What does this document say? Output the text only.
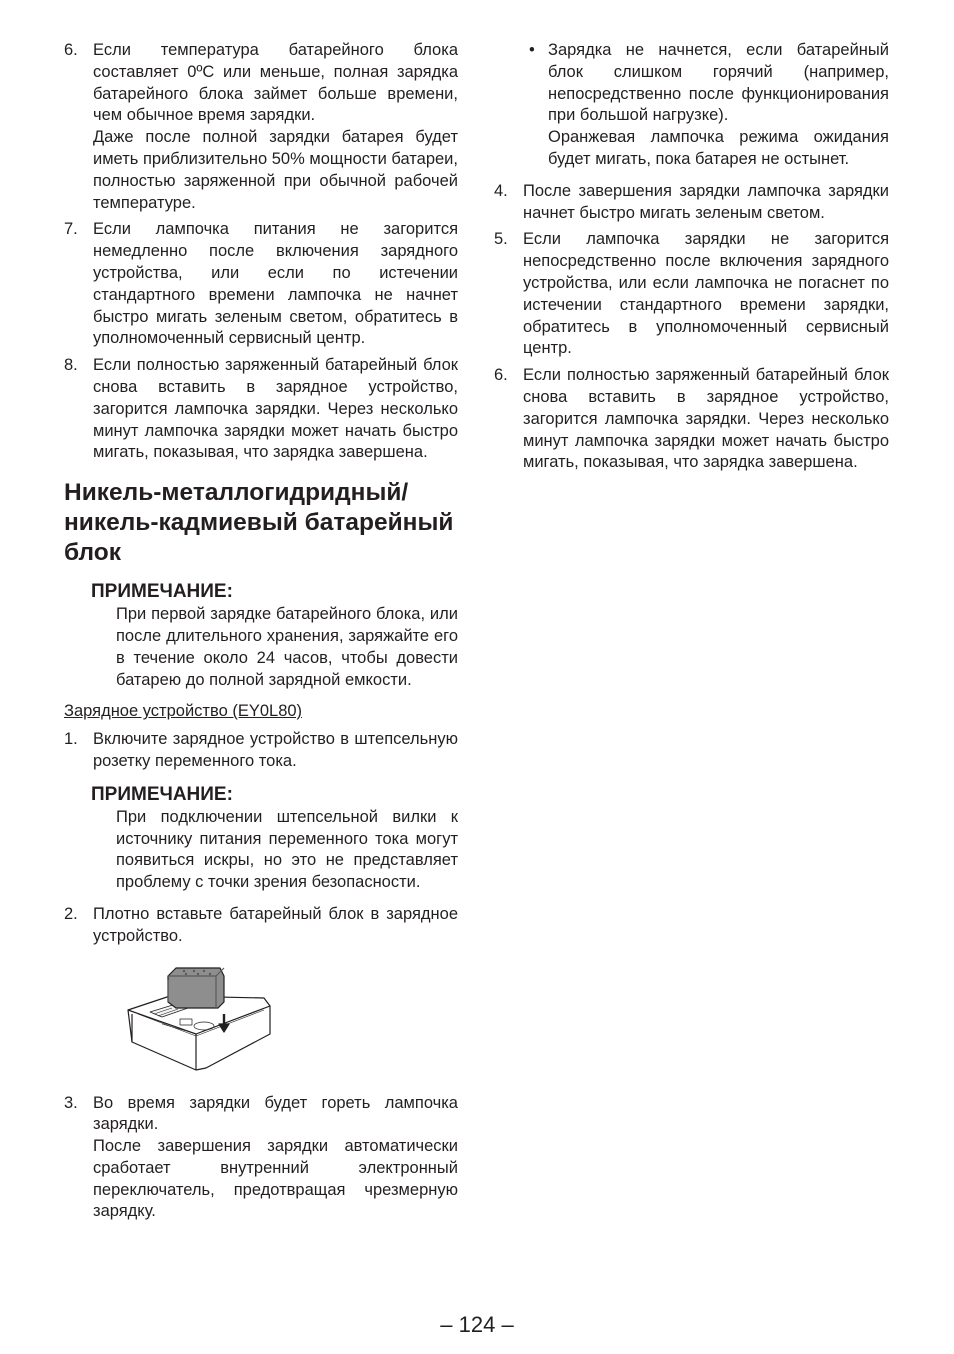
6. Если температура батарейного блока составляет 0ºC или меньше, полная зарядка батарейного блока займет больше времени, чем обычное время зарядки.

Даже после полной зарядки батарея будет иметь приблизительно 50% мощности батареи, полностью заряженной при обычной рабочей температуре.

7. Если лампочка питания не загорится немедленно после включения зарядного устройства, или если по истечении стандартного времени лампочка не начнет быстро мигать зеленым светом, обратитесь в уполномоченный сервисный центр.

8. Если полностью заряженный батарейный блок снова вставить в зарядное устройство, загорится лампочка зарядки. Через несколько минут лампочка зарядки может начать быстро мигать, показывая, что зарядка завершена.

Никель-металлогидридный/ никель-кадмиевый батарейный блок
ПРИМЕЧАНИЕ:

При первой зарядке батарейного блока, или после длительного хранения, заряжайте его в течение около 24 часов, чтобы довести батарею до полной зарядной емкости.

Зарядное устройство (EY0L80)

1. Включите зарядное устройство в штепсельную розетку переменного тока.

ПРИМЕЧАНИЕ:

При подключении штепсельной вилки к источнику питания переменного тока могут появиться искры, но это не представляет проблему с точки зрения безопасности.

2. Плотно вставьте батарейный блок в зарядное устройство.

3. Во время зарядки будет гореть лампочка зарядки.

После завершения зарядки автоматически сработает внутренний электронный переключатель, предотвращая чрезмерную зарядку.

• Зарядка не начнется, если батарейный блок слишком горячий (например, непосредственно после функционирования при большой нагрузке).

Оранжевая лампочка режима ожидания будет мигать, пока батарея не остынет.

4. После завершения зарядки лампочка зарядки начнет быстро мигать зеленым светом.

5. Если лампочка зарядки не загорится непосредственно после включения зарядного устройства, или если лампочка не погаснет по истечении стандартного времени зарядки, обратитесь в уполномоченный сервисный центр.

6. Если полностью заряженный батарейный блок снова вставить в зарядное устройство, загорится лампочка зарядки. Через несколько минут лампочка зарядки может начать быстро мигать, показывая, что зарядка завершена.

– 124 –
